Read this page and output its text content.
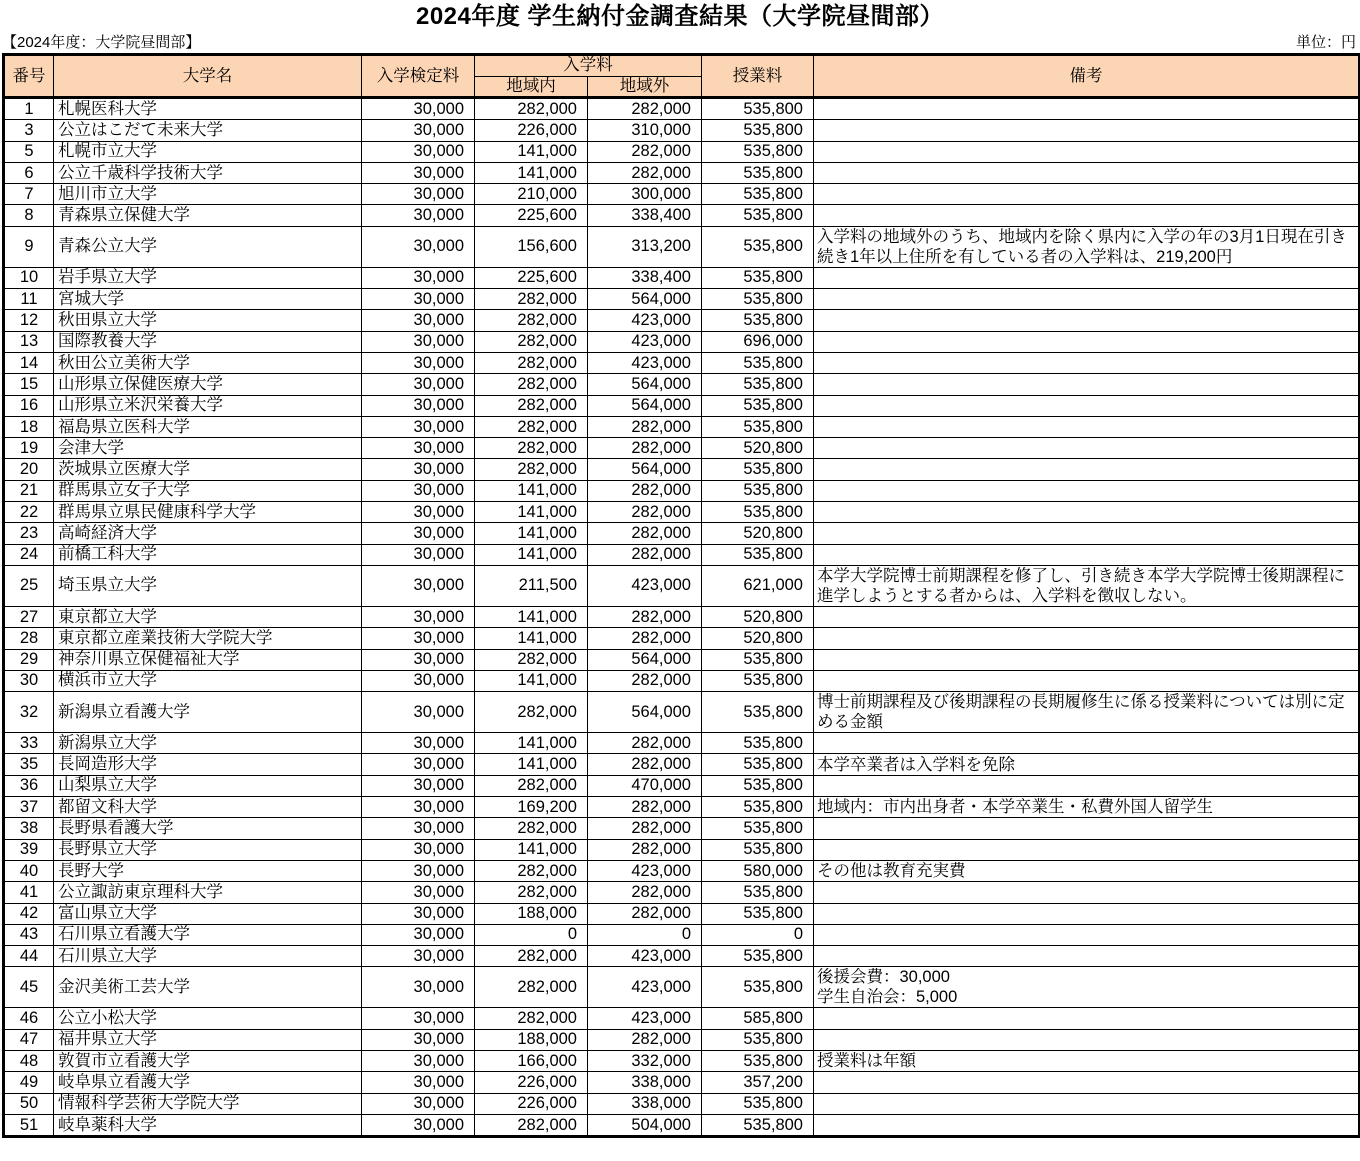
2024年度 学生納付金調査結果（大学院昼間部）
【2024年度：大学院昼間部】	単位：円
番号	大学名	入学検定料	入学料		授業料	備考
			地域内	地域外		
1	札幌医科大学	30,000	282,000	282,000	535,800	
3	公立はこだて未来大学	30,000	226,000	310,000	535,800	
5	札幌市立大学	30,000	141,000	282,000	535,800	
6	公立千歳科学技術大学	30,000	141,000	282,000	535,800	
7	旭川市立大学	30,000	210,000	300,000	535,800	
8	青森県立保健大学	30,000	225,600	338,400	535,800	
9	青森公立大学	30,000	156,600	313,200	535,800	入学料の地域外のうち、地域内を除く県内に入学の年の3月1日現在引き続き1年以上住所を有している者の入学料は、219,200円
10	岩手県立大学	30,000	225,600	338,400	535,800	
11	宮城大学	30,000	282,000	564,000	535,800	
12	秋田県立大学	30,000	282,000	423,000	535,800	
13	国際教養大学	30,000	282,000	423,000	696,000	
14	秋田公立美術大学	30,000	282,000	423,000	535,800	
15	山形県立保健医療大学	30,000	282,000	564,000	535,800	
16	山形県立米沢栄養大学	30,000	282,000	564,000	535,800	
18	福島県立医科大学	30,000	282,000	282,000	535,800	
19	会津大学	30,000	282,000	282,000	520,800	
20	茨城県立医療大学	30,000	282,000	564,000	535,800	
21	群馬県立女子大学	30,000	141,000	282,000	535,800	
22	群馬県立県民健康科学大学	30,000	141,000	282,000	535,800	
23	高崎経済大学	30,000	141,000	282,000	520,800	
24	前橋工科大学	30,000	141,000	282,000	535,800	
25	埼玉県立大学	30,000	211,500	423,000	621,000	本学大学院博士前期課程を修了し、引き続き本学大学院博士後期課程に進学しようとする者からは、入学料を徴収しない。
27	東京都立大学	30,000	141,000	282,000	520,800	
28	東京都立産業技術大学院大学	30,000	141,000	282,000	520,800	
29	神奈川県立保健福祉大学	30,000	282,000	564,000	535,800	
30	横浜市立大学	30,000	141,000	282,000	535,800	
32	新潟県立看護大学	30,000	282,000	564,000	535,800	博士前期課程及び後期課程の長期履修生に係る授業料については別に定める金額
33	新潟県立大学	30,000	141,000	282,000	535,800	
35	長岡造形大学	30,000	141,000	282,000	535,800	本学卒業者は入学料を免除
36	山梨県立大学	30,000	282,000	470,000	535,800	
37	都留文科大学	30,000	169,200	282,000	535,800	地域内：市内出身者・本学卒業生・私費外国人留学生
38	長野県看護大学	30,000	282,000	282,000	535,800	
39	長野県立大学	30,000	141,000	282,000	535,800	
40	長野大学	30,000	282,000	423,000	580,000	その他は教育充実費
41	公立諏訪東京理科大学	30,000	282,000	282,000	535,800	
42	富山県立大学	30,000	188,000	282,000	535,800	
43	石川県立看護大学	30,000	0	0	0	
44	石川県立大学	30,000	282,000	423,000	535,800	
45	金沢美術工芸大学	30,000	282,000	423,000	535,800	後援会費：30,000
学生自治会：5,000
46	公立小松大学	30,000	282,000	423,000	585,800	
47	福井県立大学	30,000	188,000	282,000	535,800	
48	敦賀市立看護大学	30,000	166,000	332,000	535,800	授業料は年額
49	岐阜県立看護大学	30,000	226,000	338,000	357,200	
50	情報科学芸術大学院大学	30,000	226,000	338,000	535,800	
51	岐阜薬科大学	30,000	282,000	504,000	535,800	
